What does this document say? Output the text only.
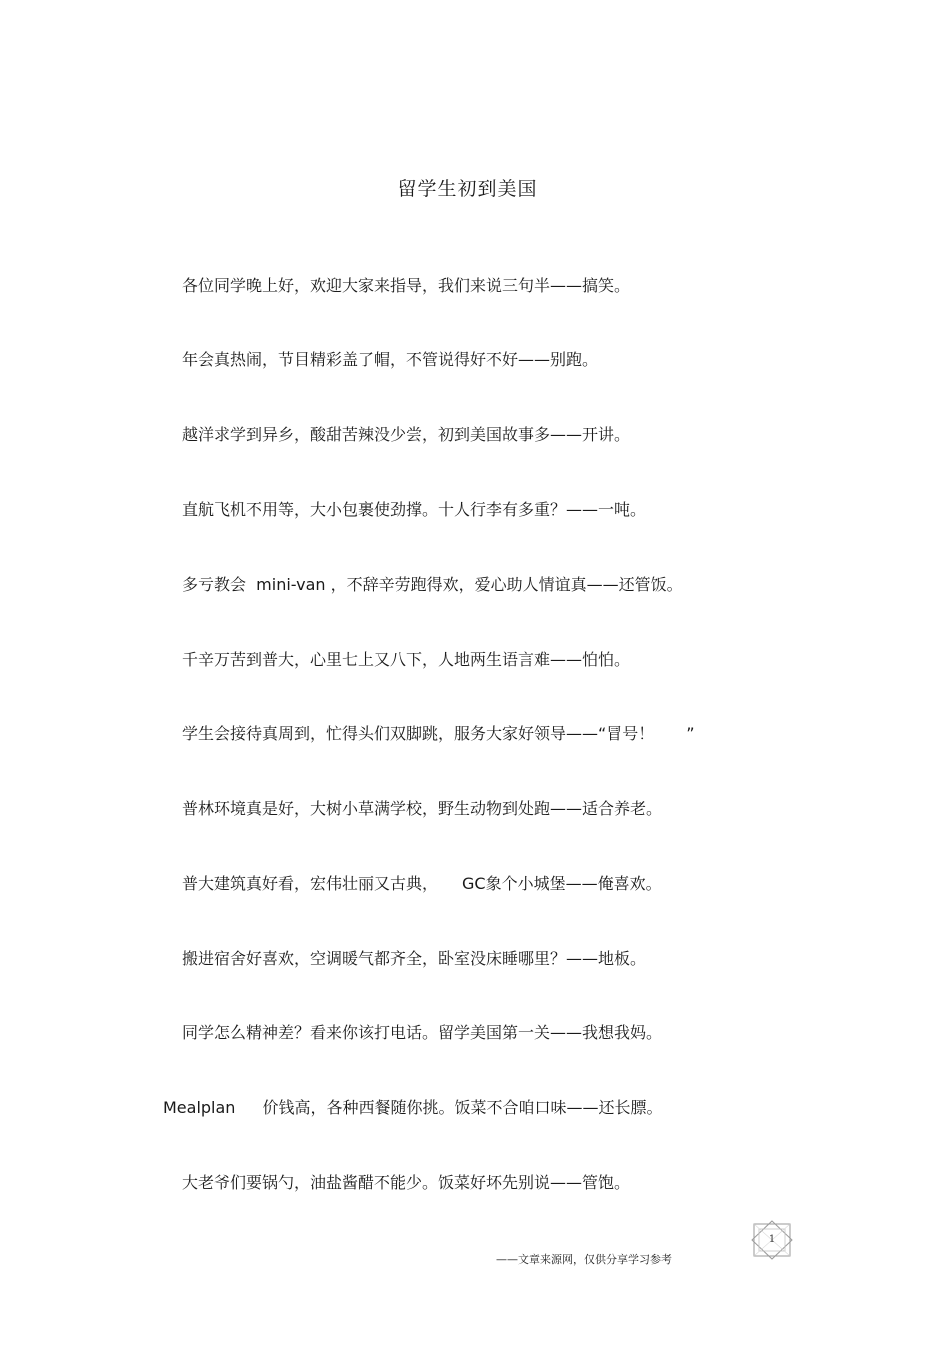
留学生初到美国

各位同学晚上好，欢迎大家来指导，我们来说三句半——搞笑。

年会真热闹，节目精彩盖了帽，不管说得好不好——别跑。

越洋求学到异乡，酸甜苦辣没少尝，初到美国故事多——开讲。

直航飞机不用等，大小包裹使劲撑。十人行李有多重？——一吨。

多亏教会  mini-van ，不辞辛劳跑得欢，爱心助人情谊真——还管饭。

千辛万苦到普大，心里七上又八下，人地两生语言难——怕怕。

学生会接待真周到，忙得头们双脚跳，服务大家好领导——“冒号！ ”

普林环境真是好，大树小草满学校，野生动物到处跑——适合养老。

普大建筑真好看，宏伟壮丽又古典， GC象个小城堡——俺喜欢。

搬进宿舍好喜欢，空调暖气都齐全，卧室没床睡哪里？——地板。

同学怎么精神差？看来你该打电话。留学美国第一关——我想我妈。

Mealplan 价钱高，各种西餐随你挑。饭菜不合咱口味——还长膘。

大老爷们要锅勺，油盐酱醋不能少。饭菜好坏先别说——管饱。

——文章来源网，仅供分享学习参考
1
